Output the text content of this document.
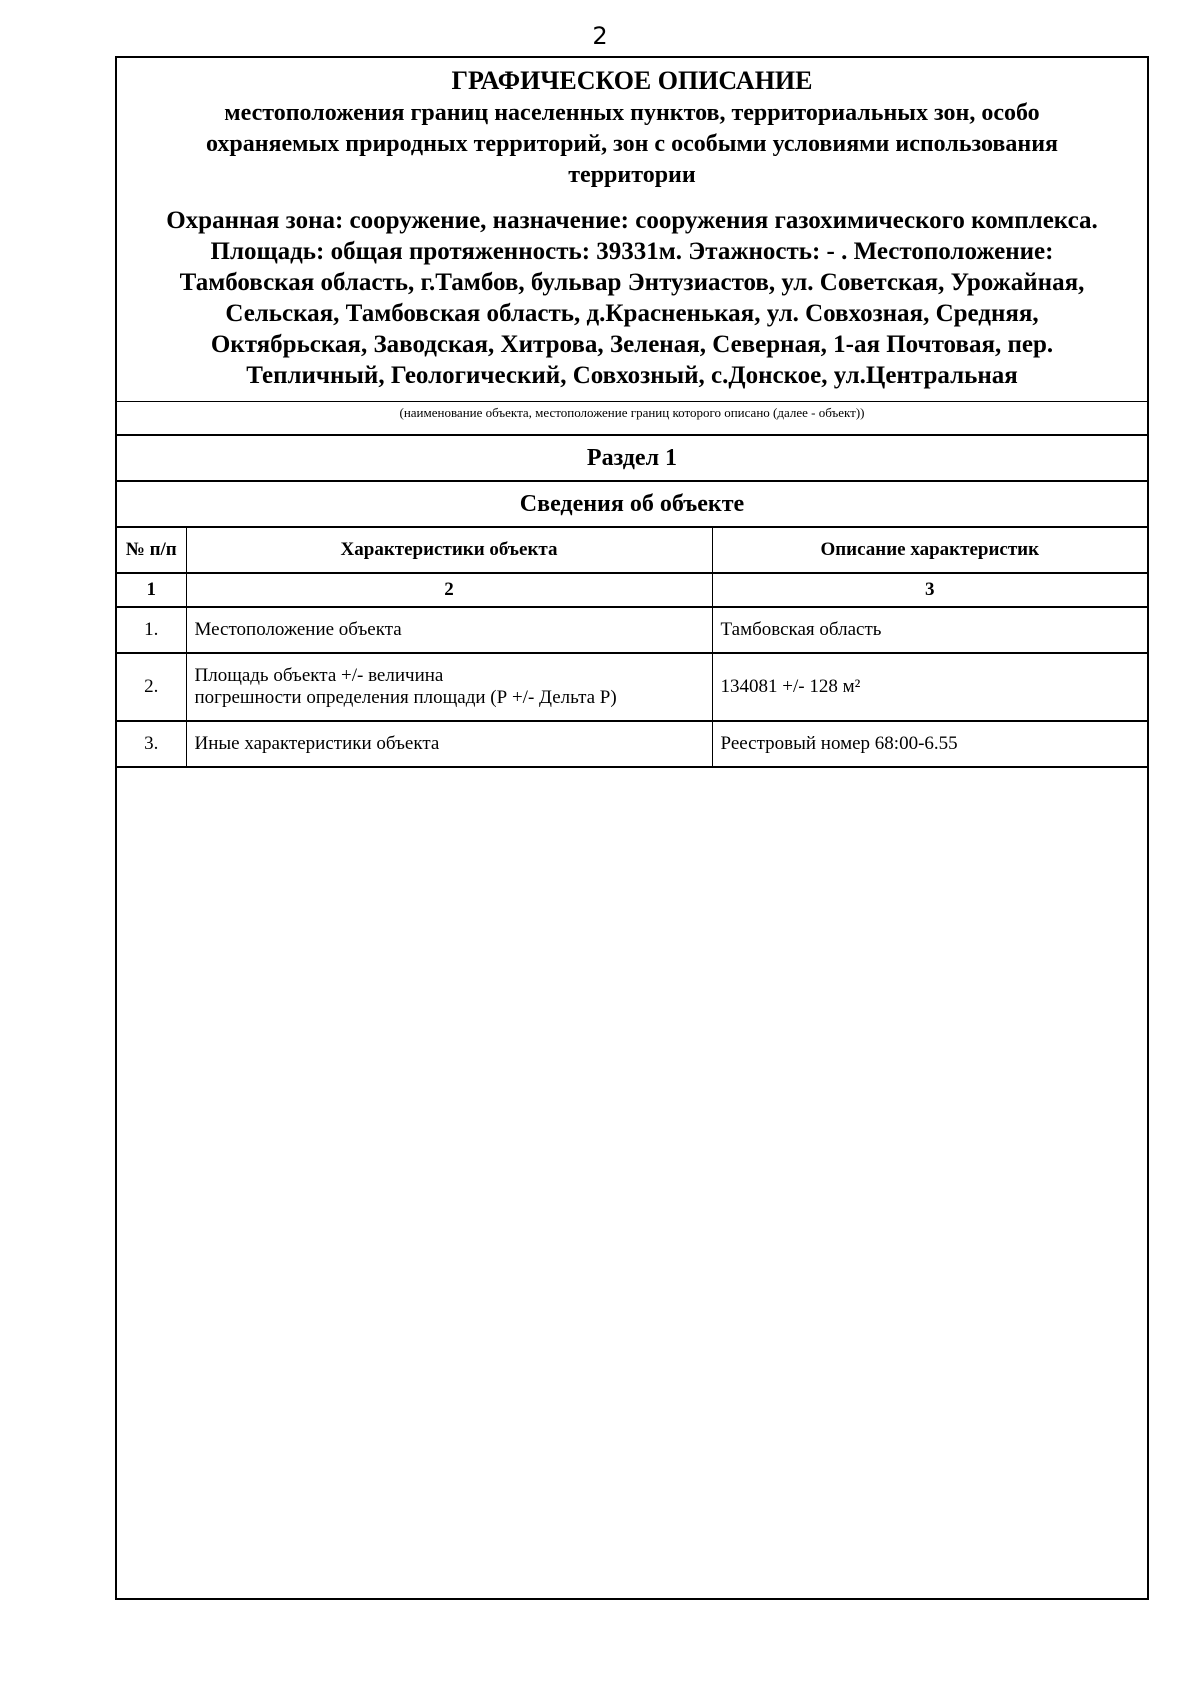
2
ГРАФИЧЕСКОЕ ОПИСАНИЕ
местоположения границ населенных пунктов, территориальных зон, особо
охраняемых природных территорий, зон с особыми условиями использования
территории
Охранная зона: сооружение, назначение: сооружения газохимического комплекса.
Площадь: общая протяженность: 39331м. Этажность: - . Местоположение:
Тамбовская область, г.Тамбов, бульвар Энтузиастов, ул. Советская, Урожайная,
Сельская, Тамбовская область, д.Красненькая, ул. Совхозная, Средняя,
Октябрьская, Заводская, Хитрова, Зеленая, Северная, 1-ая Почтовая, пер.
Тепличный, Геологический, Совхозный, с.Донское, ул.Центральная
(наименование объекта, местоположение границ которого описано (далее - объект))
Раздел 1
Сведения об объекте
№ п/п	Характеристики объекта	Описание характеристик
1	2	3
1.	Местоположение объекта	Тамбовская область
2.	Площадь объекта +/- величина
погрешности определения площади (Р +/- Дельта Р)	134081 +/- 128 м²
3.	Иные характеристики объекта	Реестровый номер 68:00-6.55
